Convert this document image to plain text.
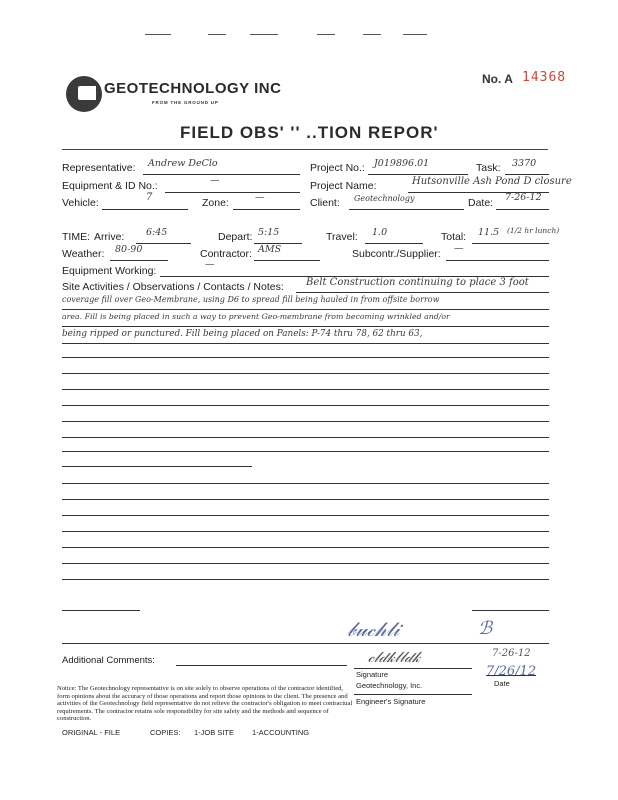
GEOTECHNOLOGY INC
FROM THE GROUND UP
No. A 14368
FIELD OBS' '' ..TION REPOR'
Representative: Andrew DeClo	Project No.: J019896.01	Task: 3370
Equipment & ID No.:	—	Project Name:	Hutsonville Ash Pond D closure
Vehicle:	7	Zone:	—	Client: Geotechnology	Date: 7-26-12
TIME: Arrive: 6:45	Depart: 5:15	Travel: 1.0	Total: 11.5 (1/2 hr lunch)
Weather: 80-90	Contractor: AMS	Subcontr./Supplier: —
Equipment Working:
—
Site Activities / Observations / Contacts / Notes: Belt Construction continuing to place 3 foot
coverage fill over Geo-Membrane, using D6 to spread fill being hauled in from offsite borrow
area. Fill is being placed in such a way to prevent Geo-membrane from becoming wrinkled and/or
being ripped or punctured. Fill being placed on Panels: P-74 thru 78, 62 thru 63,
𝒷𝓊𝒸𝒽𝓁𝒾	ℬ
Additional Comments:	𝒸𝓁𝒹𝓀𝓁𝓁𝒹𝓀
Signature
7-26-12
7/26/12
Date
Geotechnology, Inc.
Engineer's Signature
Notice: The Geotechnology representative is on site solely to observe operations of the contractor identified, form opinions about the accuracy of those operations and report those opinions to the client. The presence and activities of the Geotechnology field representative do not relieve the contractor's obligation to meet contractual requirements. The contractor retains sole responsibility for site safety and the methods and sequence of construction.
ORIGINAL - FILE	COPIES: 1-JOB SITE 1-ACCOUNTING
